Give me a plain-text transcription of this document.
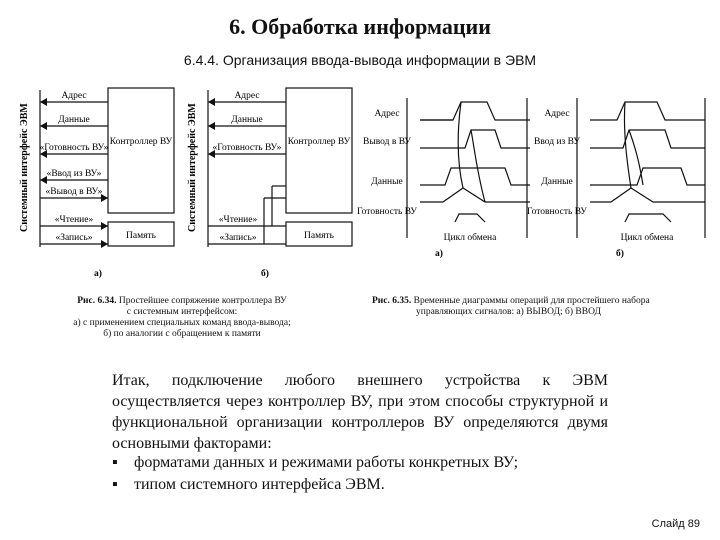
6. Обработка информации
6.4.4. Организация ввода-вывода информации в ЭВМ
Системный интерфейс ЭВМ	Системный интерфейс ЭВМ
Адрес
Данные
«Готовность ВУ»
«Ввод из ВУ»
«Вывод в ВУ»
«Чтение»
«Запись»
Контроллер ВУ
Память
Адрес
Данные
«Готовность ВУ»
«Чтение»
«Запись»
Контроллер ВУ
Память
а)	б)
Рис. 6.34. Простейшее сопряжение контроллера ВУ
с системным интерфейсом:
а) с применением специальных команд ввода-вывода;
б) по аналогии с обращением к памяти
Адрес
Вывод в ВУ
Данные
Готовность ВУ
Цикл обмена
Адрес
Ввод из ВУ
Данные
Готовность ВУ
Цикл обмена
а)	б)
Рис. 6.35. Временные диаграммы операций для простейшего набора
управляющих сигналов: а) ВЫВОД; б) ВВОД
Итак, подключение любого внешнего устройства к ЭВМ осуществляется через контроллер ВУ, при этом способы структурной и функциональной организации контроллеров ВУ определяются двумя основными факторами:
▪ форматами данных и режимами работы конкретных ВУ;
▪ типом системного интерфейса ЭВМ.
Слайд 89
